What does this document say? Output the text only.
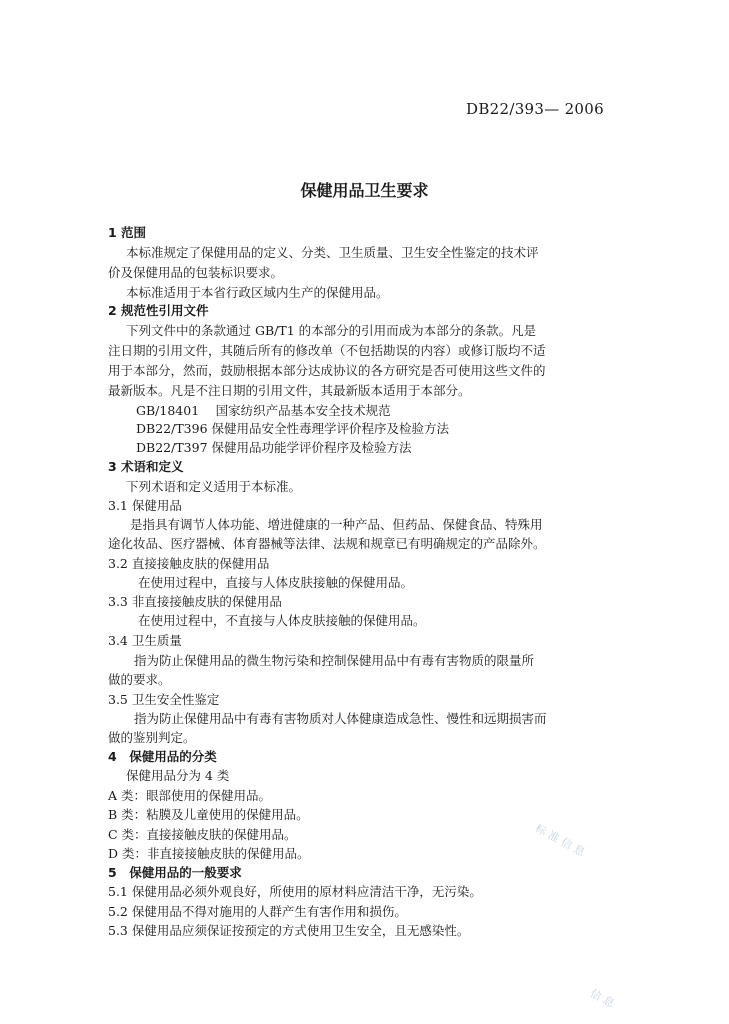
DB22/393— 2006
保健用品卫生要求
1 范围
本标准规定了保健用品的定义、分类、卫生质量、卫生安全性鉴定的技术评
价及保健用品的包装标识要求。
本标准适用于本省行政区域内生产的保健用品。
2 规范性引用文件
下列文件中的条款通过 GB/T1 的本部分的引用而成为本部分的条款。凡是
注日期的引用文件，其随后所有的修改单（不包括勘误的内容）或修订版均不适
用于本部分，然而，鼓励根据本部分达成协议的各方研究是否可使用这些文件的
最新版本。凡是不注日期的引用文件，其最新版本适用于本部分。
GB/18401　 国家纺织产品基本安全技术规范
DB22/T396 保健用品安全性毒理学评价程序及检验方法
DB22/T397 保健用品功能学评价程序及检验方法
3 术语和定义
下列术语和定义适用于本标准。
3.1 保健用品
是指具有调节人体功能、增进健康的一种产品、但药品、保健食品、特殊用
途化妆品、医疗器械、体育器械等法律、法规和规章已有明确规定的产品除外。
3.2 直接接触皮肤的保健用品
在使用过程中，直接与人体皮肤接触的保健用品。
3.3 非直接接触皮肤的保健用品
在使用过程中，不直接与人体皮肤接触的保健用品。
3.4 卫生质量
指为防止保健用品的微生物污染和控制保健用品中有毒有害物质的限量所
做的要求。
3.5 卫生安全性鉴定
指为防止保健用品中有毒有害物质对人体健康造成急性、慢性和远期损害而
做的鉴别判定。
4　保健用品的分类
保健用品分为 4 类
A 类：眼部使用的保健用品。
B 类：粘膜及儿童使用的保健用品。
C 类：直接接触皮肤的保健用品。
D 类：非直接接触皮肤的保健用品。
5　保健用品的一般要求
5.1 保健用品必须外观良好，所使用的原材料应清洁干净，无污染。
5.2 保健用品不得对施用的人群产生有害作用和损伤。
5.3 保健用品应须保证按预定的方式使用卫生安全，且无感染性。
标 准 信 息
信 息
